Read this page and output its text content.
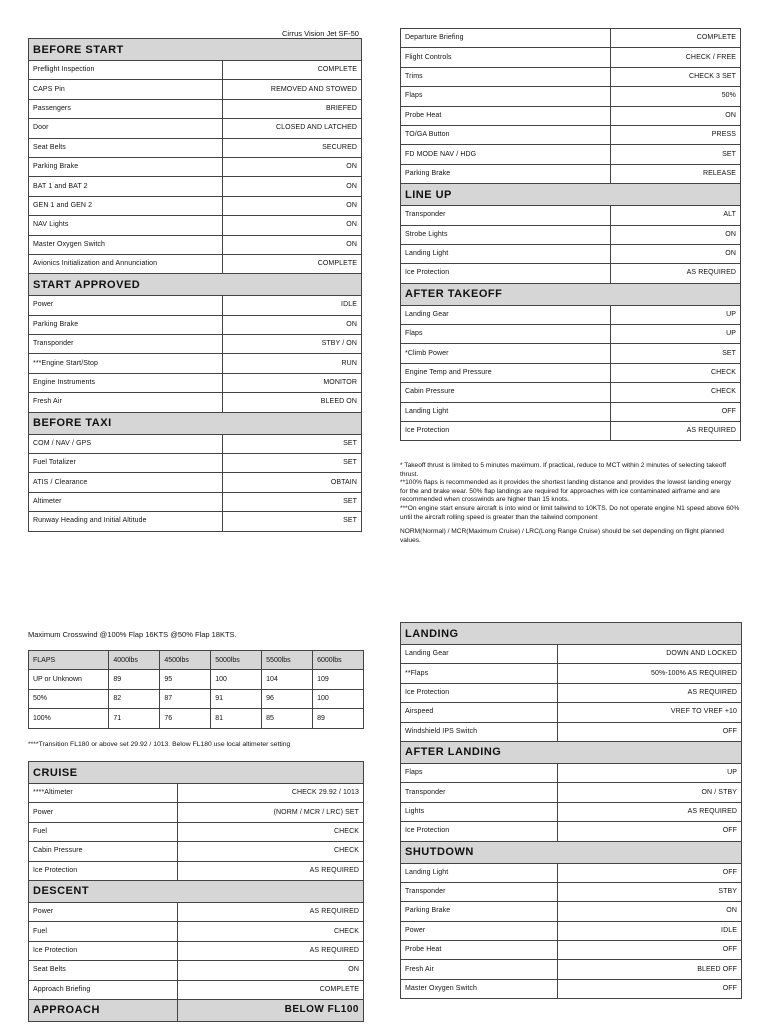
Cirrus Vision Jet SF-50
BEFORE START	
Preflight Inspection	COMPLETE
CAPS Pin	REMOVED AND STOWED
Passengers	BRIEFED
Door	CLOSED AND LATCHED
Seat Belts	SECURED
Parking Brake	ON
BAT 1 and BAT 2	ON
GEN 1 and GEN 2	ON
NAV Lights	ON
Master Oxygen Switch	ON
Avionics Initialization and Annunciation	COMPLETE
START APPROVED	
Power	IDLE
Parking Brake	ON
Transponder	STBY / ON
***Engine Start/Stop	RUN
Engine Instruments	MONITOR
Fresh Air	BLEED ON
BEFORE TAXI	
COM / NAV / GPS	SET
Fuel Totalizer	SET
ATIS / Clearance	OBTAIN
Altimeter	SET
Runway Heading and Initial Altitude	SET
Departure Briefing	COMPLETE
Flight Controls	CHECK / FREE
Trims	CHECK 3 SET
Flaps	50%
Probe Heat	ON
TO/GA Button	PRESS
FD MODE NAV / HDG	SET
Parking Brake	RELEASE
LINE UP	
Transponder	ALT
Strobe Lights	ON
Landing Light	ON
Ice Protection	AS REQUIRED
AFTER TAKEOFF	
Landing Gear	UP
Flaps	UP
*Climb Power	SET
Engine Temp and Pressure	CHECK
Cabin Pressure	CHECK
Landing Light	OFF
Ice Protection	AS REQUIRED

* Takeoff thrust is limited to 5 minutes maximum. If practical, reduce to MCT within 2 minutes of selecting takeoff thrust.

**100% flaps is recommended as it provides the shortest landing distance and provides the lowest landing energy for the and brake wear. 50% flap landings are required for approaches with ice contaminated airframe and are recommended when crosswinds are higher than 15 knots.

***On engine start ensure aircraft is into wind or limit tailwind to 10KTS. Do not operate engine N1 speed above 60% until the aircraft rolling speed is greater than the tailwind component

NORM(Normal) / MCR(Maximum Cruise) / LRC(Long Range Cruise) should be set depending on flight planned values.

Maximum Crosswind @100% Flap 16KTS @50% Flap 18KTS.
FLAPS	4000lbs	4500lbs	5000lbs	5500lbs	6000lbs
UP or Unknown	89	95	100	104	109
50%	82	87	91	96	100
100%	71	76	81	85	89
****Transition FL180 or above set 29.92 / 1013. Below FL180 use local altimeter setting
CRUISE	
****Altimeter	CHECK 29.92 / 1013
Power	(NORM / MCR / LRC) SET
Fuel	CHECK
Cabin Pressure	CHECK
Ice Protection	AS REQUIRED
DESCENT	
Power	AS REQUIRED
Fuel	CHECK
Ice Protection	AS REQUIRED
Seat Belts	ON
Approach Briefing	COMPLETE
APPROACH	BELOW FL100
LANDING	
Landing Gear	DOWN AND LOCKED
**Flaps	50%-100% AS REQUIRED
Ice Protection	AS REQUIRED
Airspeed	VREF TO VREF +10
Windshield IPS Switch	OFF
AFTER LANDING	
Flaps	UP
Transponder	ON / STBY
Lights	AS REQUIRED
Ice Protection	OFF
SHUTDOWN	
Landing Light	OFF
Transponder	STBY
Parking Brake	ON
Power	IDLE
Probe Heat	OFF
Fresh Air	BLEED OFF
Master Oxygen Switch	OFF
